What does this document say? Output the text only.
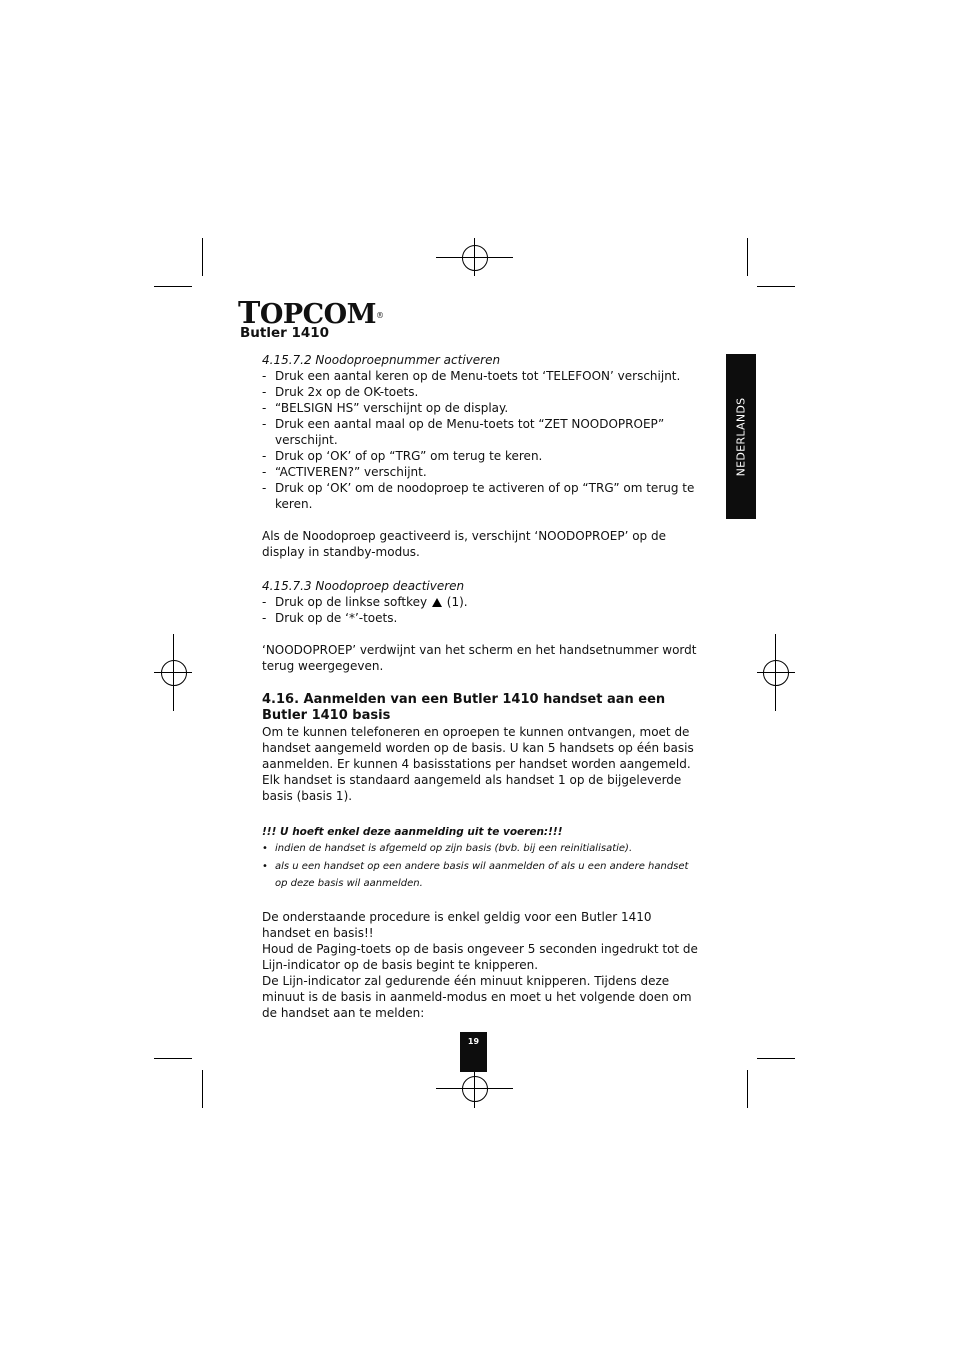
TOPCOM®
Butler 1410
NEDERLANDS

4.15.7.2 Noodoproepnummer activeren

- Druk een aantal keren op de Menu-toets tot ‘TELEFOON’ verschijnt.
- Druk 2x op de OK-toets.
- “BELSIGN HS” verschijnt op de display.
- Druk een aantal maal op de Menu-toets tot “ZET NOODOPROEP” verschijnt.
- Druk op ‘OK’ of op “TRG” om terug te keren.
- “ACTIVEREN?” verschijnt.
- Druk op ‘OK’ om de noodoproep te activeren of op “TRG” om terug te keren.

Als de Noodoproep geactiveerd is, verschijnt ‘NOODOPROEP’ op de display in standby-modus.

4.15.7.3 Noodoproep deactiveren

- Druk op de linkse softkey (1).
- Druk op de ‘*’-toets.

‘NOODOPROEP’ verdwijnt van het scherm en het handsetnummer wordt terug weergegeven.

4.16. Aanmelden van een Butler 1410 handset aan een Butler 1410 basis

Om te kunnen telefoneren en oproepen te kunnen ontvangen, moet de handset aangemeld worden op de basis. U kan 5 handsets op één basis aanmelden. Er kunnen 4 basisstations per handset worden aangemeld. Elk handset is standaard aangemeld als handset 1 op de bijgeleverde basis (basis 1).

!!! U hoeft enkel deze aanmelding uit te voeren:!!!

• indien de handset is afgemeld op zijn basis (bvb. bij een reinitialisatie).
• als u een handset op een andere basis wil aanmelden of als u een andere handset op deze basis wil aanmelden.

De onderstaande procedure is enkel geldig voor een Butler 1410 handset en basis!!

Houd de Paging-toets op de basis ongeveer 5 seconden ingedrukt tot de Lijn-indicator op de basis begint te knipperen.

De Lijn-indicator zal gedurende één minuut knipperen. Tijdens deze minuut is de basis in aanmeld-modus en moet u het volgende doen om de handset aan te melden:

19
